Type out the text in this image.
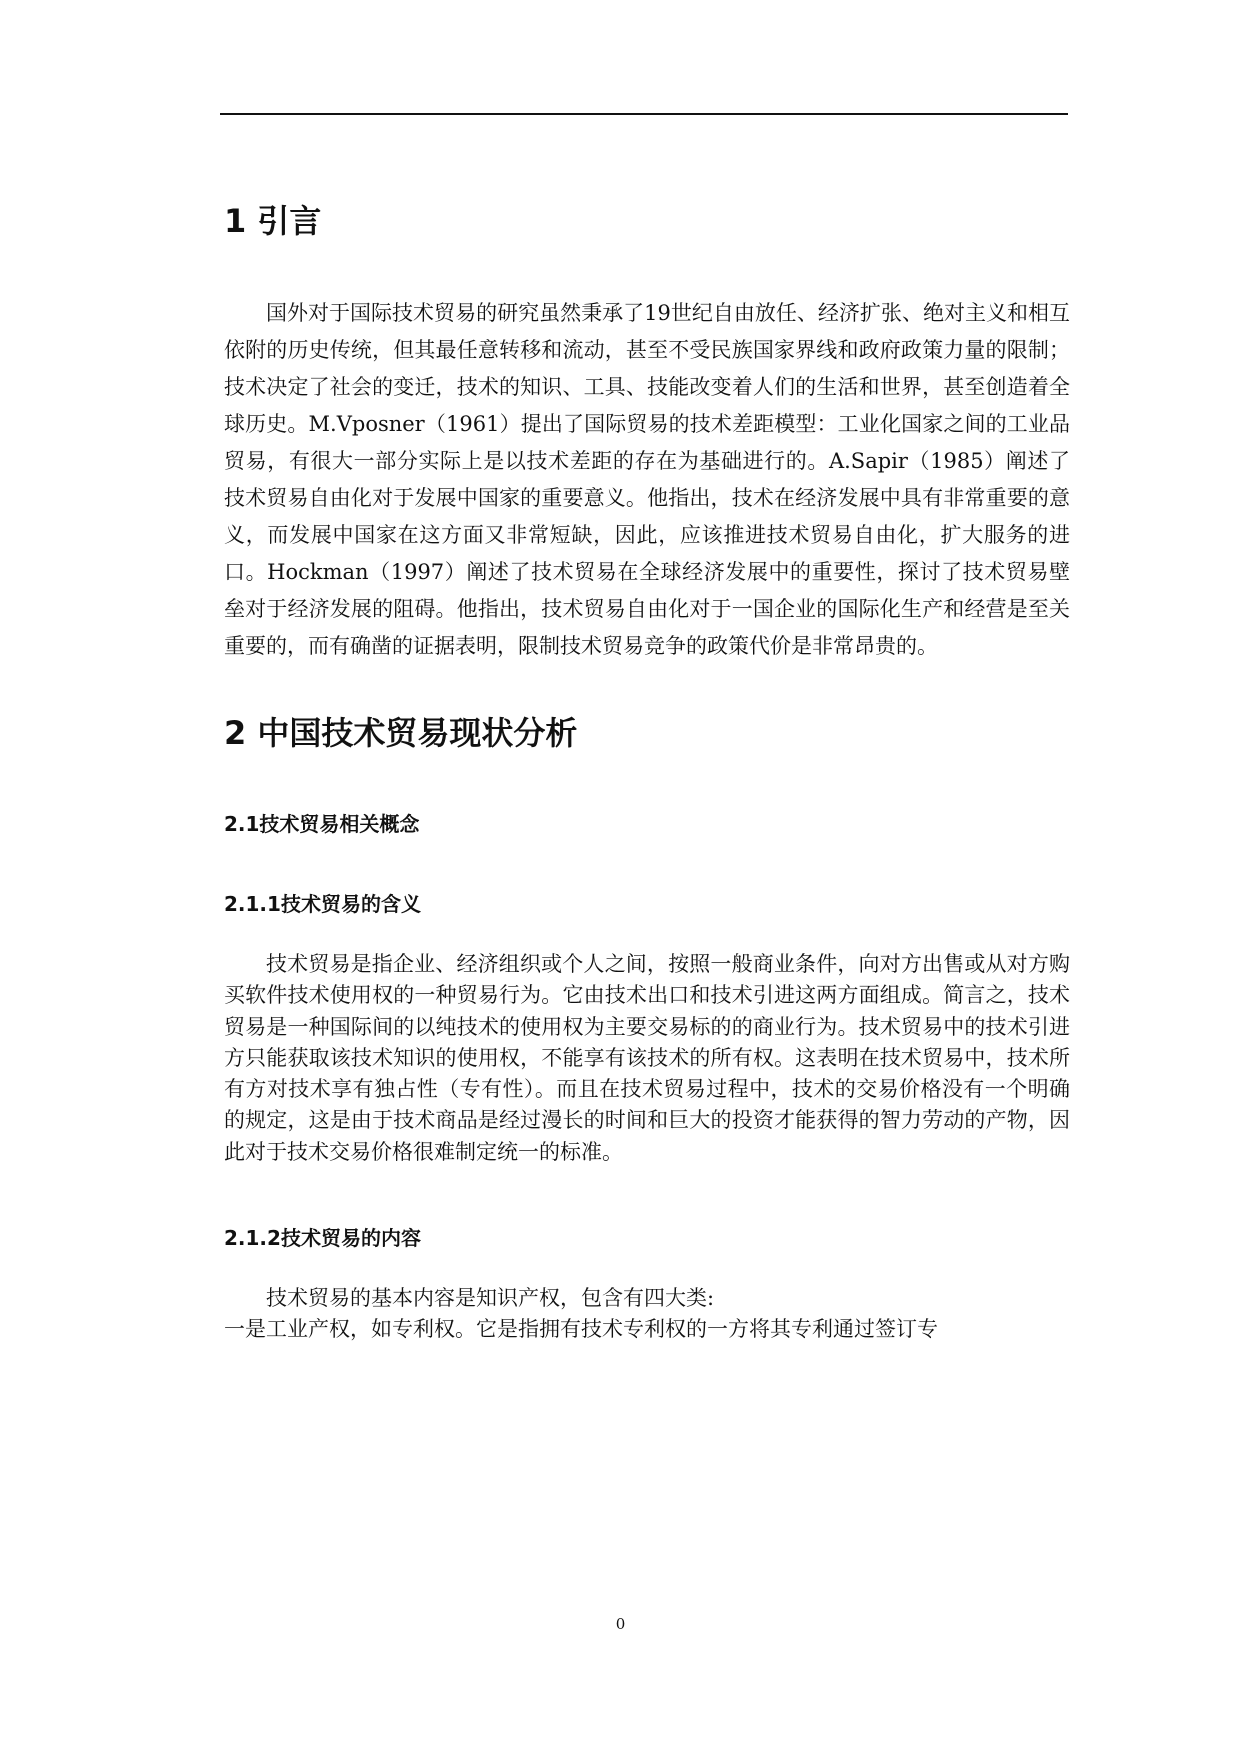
1 引言

国外对于国际技术贸易的研究虽然秉承了19世纪自由放任、经济扩张、绝对主义和相互依附的历史传统，但其最任意转移和流动，甚至不受民族国家界线和政府政策力量的限制；技术决定了社会的变迁，技术的知识、工具、技能改变着人们的生活和世界，甚至创造着全球历史。M.Vposner（1961）提出了国际贸易的技术差距模型：工业化国家之间的工业品贸易，有很大一部分实际上是以技术差距的存在为基础进行的。A.Sapir（1985）阐述了技术贸易自由化对于发展中国家的重要意义。他指出，技术在经济发展中具有非常重要的意义，而发展中国家在这方面又非常短缺，因此，应该推进技术贸易自由化，扩大服务的进口。Hockman（1997）阐述了技术贸易在全球经济发展中的重要性，探讨了技术贸易壁垒对于经济发展的阻碍。他指出，技术贸易自由化对于一国企业的国际化生产和经营是至关重要的，而有确凿的证据表明，限制技术贸易竞争的政策代价是非常昂贵的。

2 中国技术贸易现状分析
2.1技术贸易相关概念
2.1.1技术贸易的含义

技术贸易是指企业、经济组织或个人之间，按照一般商业条件，向对方出售或从对方购买软件技术使用权的一种贸易行为。它由技术出口和技术引进这两方面组成。简言之，技术贸易是一种国际间的以纯技术的使用权为主要交易标的的商业行为。技术贸易中的技术引进方只能获取该技术知识的使用权，不能享有该技术的所有权。这表明在技术贸易中，技术所有方对技术享有独占性（专有性）。而且在技术贸易过程中，技术的交易价格没有一个明确的规定，这是由于技术商品是经过漫长的时间和巨大的投资才能获得的智力劳动的产物，因此对于技术交易价格很难制定统一的标准。

2.1.2技术贸易的内容

技术贸易的基本内容是知识产权，包含有四大类:

一是工业产权，如专利权。它是指拥有技术专利权的一方将其专利通过签订专

0
